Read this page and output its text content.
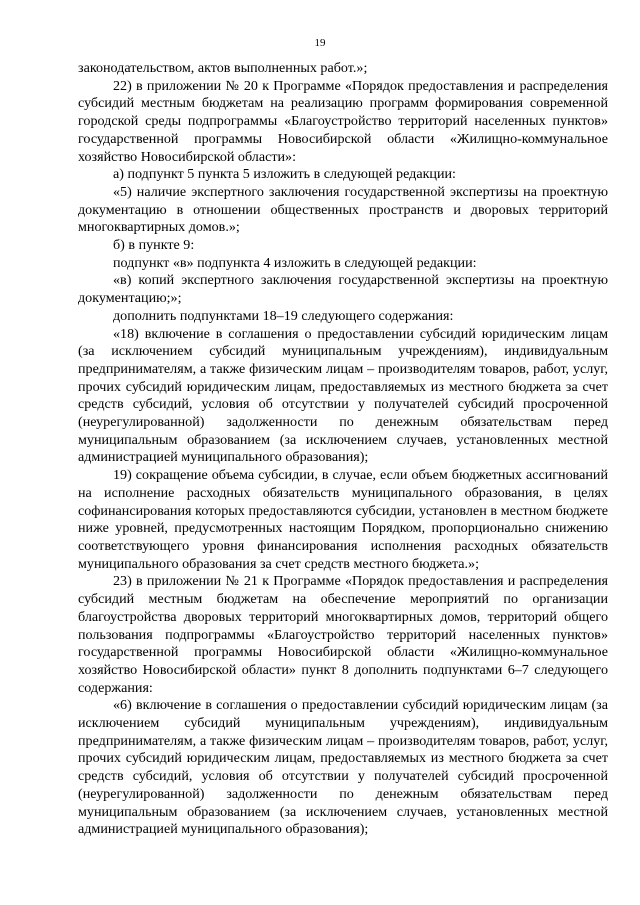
19

законодательством, актов выполненных работ.»;

22) в приложении № 20 к Программе «Порядок предоставления и распределения субсидий местным бюджетам на реализацию программ формирования современной городской среды подпрограммы «Благоустройство территорий населенных пунктов» государственной программы Новосибирской области «Жилищно-коммунальное хозяйство Новосибирской области»:

а) подпункт 5 пункта 5 изложить в следующей редакции:

«5) наличие экспертного заключения государственной экспертизы на проектную документацию в отношении общественных пространств и дворовых территорий многоквартирных домов.»;

б) в пункте 9:

подпункт «в» подпункта 4 изложить в следующей редакции:

«в) копий экспертного заключения государственной экспертизы на проектную документацию;»;

дополнить подпунктами 18–19 следующего содержания:

«18) включение в соглашения о предоставлении субсидий юридическим лицам (за исключением субсидий муниципальным учреждениям), индивидуальным предпринимателям, а также физическим лицам – производителям товаров, работ, услуг, прочих субсидий юридическим лицам, предоставляемых из местного бюджета за счет средств субсидий, условия об отсутствии у получателей субсидий просроченной (неурегулированной) задолженности по денежным обязательствам перед муниципальным образованием (за исключением случаев, установленных местной администрацией муниципального образования);

19) сокращение объема субсидии, в случае, если объем бюджетных ассигнований на исполнение расходных обязательств муниципального образования, в целях софинансирования которых предоставляются субсидии, установлен в местном бюджете ниже уровней, предусмотренных настоящим Порядком, пропорционально снижению соответствующего уровня финансирования исполнения расходных обязательств муниципального образования за счет средств местного бюджета.»;

23) в приложении № 21 к Программе «Порядок предоставления и распределения субсидий местным бюджетам на обеспечение мероприятий по организации благоустройства дворовых территорий многоквартирных домов, территорий общего пользования подпрограммы «Благоустройство территорий населенных пунктов» государственной программы Новосибирской области «Жилищно-коммунальное хозяйство Новосибирской области» пункт 8 дополнить подпунктами 6–7 следующего содержания:

«6) включение в соглашения о предоставлении субсидий юридическим лицам (за исключением субсидий муниципальным учреждениям), индивидуальным предпринимателям, а также физическим лицам – производителям товаров, работ, услуг, прочих субсидий юридическим лицам, предоставляемых из местного бюджета за счет средств субсидий, условия об отсутствии у получателей субсидий просроченной (неурегулированной) задолженности по денежным обязательствам перед муниципальным образованием (за исключением случаев, установленных местной администрацией муниципального образования);
